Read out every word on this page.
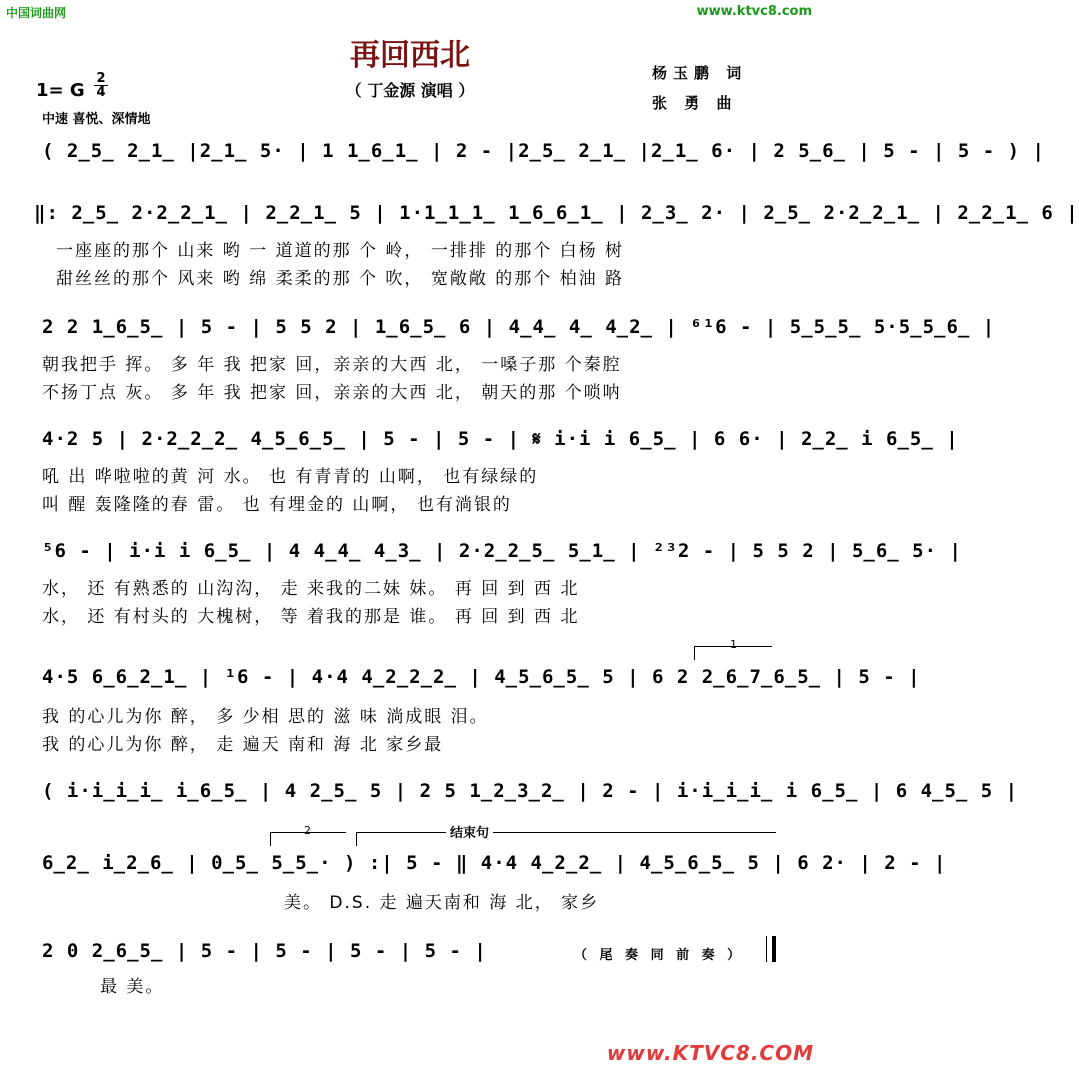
中国词曲网	www.ktvc8.com
www.KTVC8.COM
再回西北
（ 丁金源 演唱 ）
杨玉鹏 词
张 勇 曲
1= G
2
4
中速 喜悦、深情地
( 2̲5̲ 2̲1̲ |2̲1̲ 5· | 1 1̲6̲1̲ | 2 - |2̲5̲ 2̲1̲ |2̲1̲ 6· | 2 5̲6̲ | 5 - | 5 - ) |
‖: 2̲5̲ 2·2̲2̲1̲ | 2̲2̲1̲ 5 | 1·1̲1̲1̲ 1̲6̲6̲1̲ | 2̲3̲ 2· | 2̲5̲ 2·2̲2̲1̲ | 2̲2̲1̲ 6 |
一座座的那个 山来 哟 一 道道的那 个 岭， 一排排 的那个 白杨 树
甜丝丝的那个 风来 哟 绵 柔柔的那 个 吹， 宽敞敞 的那个 柏油 路
2 2 1̲6̲5̲ | 5 - | 5 5 2 | 1̲6̲5̲ 6 | 4̲4̲ 4̲ 4̲2̲ | ⁶¹6 - | 5̲5̲5̲ 5·5̲5̲6̲ |
朝我把手 挥。 多 年 我 把家 回，亲亲的大西 北， 一嗓子那 个秦腔
不扬丁点 灰。 多 年 我 把家 回，亲亲的大西 北， 朝天的那 个唢呐
4·2 5 | 2·2̲2̲2̲ 4̲5̲6̲5̲ | 5 - | 5 - | 𝄋 i·i i 6̲5̲ | 6 6· | 2̲2̲ i 6̲5̲ |
吼 出 哗啦啦的黄 河 水。 也 有青青的 山啊， 也有绿绿的
叫 醒 轰隆隆的春 雷。 也 有埋金的 山啊， 也有淌银的
⁵6 - | i·i i 6̲5̲ | 4 4̲4̲ 4̲3̲ | 2·2̲2̲5̲ 5̲1̲ | ²³2 - | 5 5 2 | 5̲6̲ 5· |
水， 还 有熟悉的 山沟沟， 走 来我的二妹 妹。 再 回 到 西 北
水， 还 有村头的 大槐树， 等 着我的那是 谁。 再 回 到 西 北
1
4·5 6̲6̲2̲1̲ | ¹6 - | 4·4 4̲2̲2̲2̲ | 4̲5̲6̲5̲ 5 | 6 2 2̲6̲7̲6̲5̲ | 5 - |
我 的心儿为你 醉， 多 少相 思的 滋 味 淌成眼 泪。
我 的心儿为你 醉， 走 遍天 南和 海 北 家乡最
( i·i̲i̲i̲ i̲6̲5̲ | 4 2̲5̲ 5 | 2 5 1̲2̲3̲2̲ | 2 - | i·i̲i̲i̲ i 6̲5̲ | 6 4̲5̲ 5 |
2	结束句
6̲2̲ i̲2̲6̲ | 0̲5̲ 5̲5̲· ) :| 5 - ‖ 4·4 4̲2̲2̲ | 4̲5̲6̲5̲ 5 | 6 2· | 2 - |
美。 D.S. 走 遍天南和 海 北， 家乡
2 0 2̲6̲5̲ | 5 - | 5 - | 5 - | 5 - |	（ 尾 奏 同 前 奏 ）
最 美。
